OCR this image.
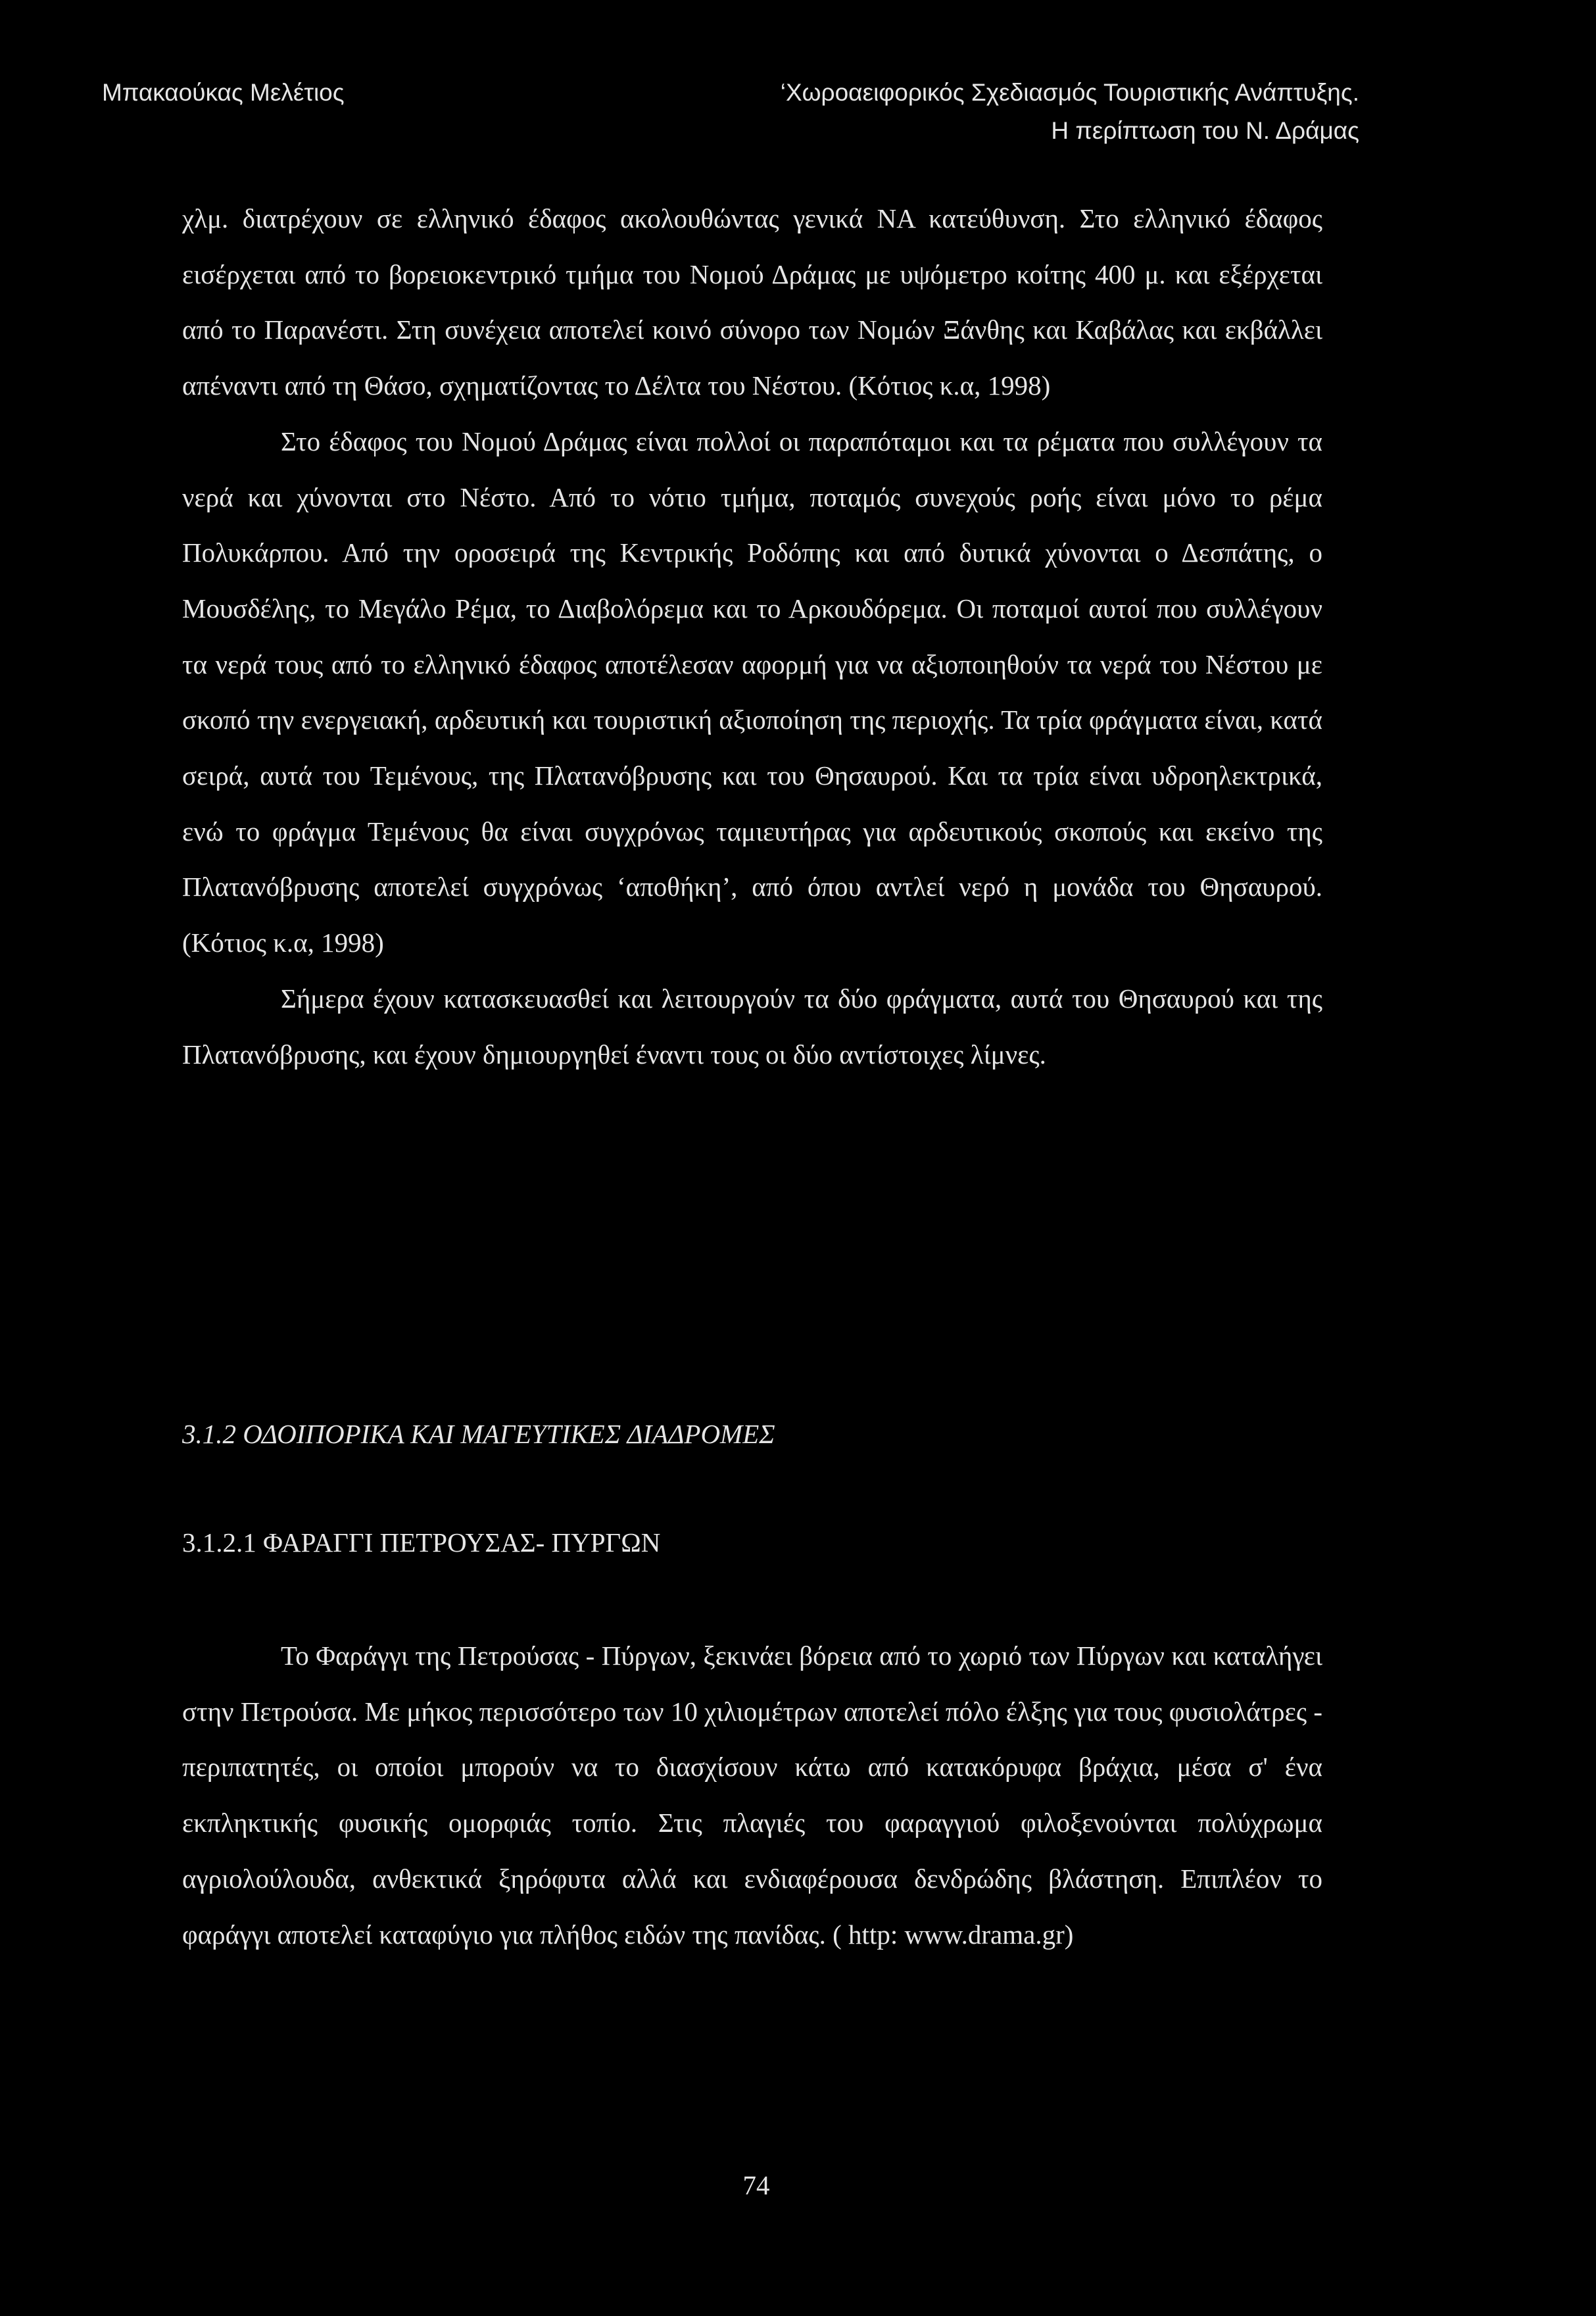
Μπακαούκας Μελέτιος	‘Χωροαειφορικός Σχεδιασμός Τουριστικής Ανάπτυξης.
Η περίπτωση του Ν. Δράμας

χλμ. διατρέχουν σε ελληνικό έδαφος ακολουθώντας γενικά ΝΑ κατεύθυνση. Στο ελληνικό έδαφος εισέρχεται από το βορειοκεντρικό τμήμα του Νομού Δράμας με υψόμετρο κοίτης 400 μ. και εξέρχεται από το Παρανέστι. Στη συνέχεια αποτελεί κοινό σύνορο των Νομών Ξάνθης και Καβάλας και εκβάλλει απέναντι από τη Θάσο, σχηματίζοντας το Δέλτα του Νέστου. (Κότιος κ.α, 1998)

Στο έδαφος του Νομού Δράμας είναι πολλοί οι παραπόταμοι και τα ρέματα που συλλέγουν τα νερά και χύνονται στο Νέστο. Από το νότιο τμήμα, ποταμός συνεχούς ροής είναι μόνο το ρέμα Πολυκάρπου. Από την οροσειρά της Κεντρικής Ροδόπης και από δυτικά χύνονται ο Δεσπάτης, ο Μουσδέλης, το Μεγάλο Ρέμα, το Διαβολόρεμα και το Αρκουδόρεμα. Οι ποταμοί αυτοί που συλλέγουν τα νερά τους από το ελληνικό έδαφος αποτέλεσαν αφορμή για να αξιοποιηθούν τα νερά του Νέστου με σκοπό την ενεργειακή, αρδευτική και τουριστική αξιοποίηση της περιοχής. Τα τρία φράγματα είναι, κατά σειρά, αυτά του Τεμένους, της Πλατανόβρυσης και του Θησαυρού. Και τα τρία είναι υδροηλεκτρικά, ενώ το φράγμα Τεμένους θα είναι συγχρόνως ταμιευτήρας για αρδευτικούς σκοπούς και εκείνο της Πλατανόβρυσης αποτελεί συγχρόνως ‘αποθήκη’, από όπου αντλεί νερό η μονάδα του Θησαυρού. (Κότιος κ.α, 1998)

Σήμερα έχουν κατασκευασθεί και λειτουργούν τα δύο φράγματα, αυτά του Θησαυρού και της Πλατανόβρυσης, και έχουν δημιουργηθεί έναντι τους οι δύο αντίστοιχες λίμνες.

3.1.2 ΟΔΟΙΠΟΡΙΚΑ ΚΑΙ ΜΑΓΕΥΤΙΚΕΣ ΔΙΑΔΡΟΜΕΣ

3.1.2.1 ΦΑΡΑΓΓΙ ΠΕΤΡΟΥΣΑΣ- ΠΥΡΓΩΝ

Το Φαράγγι της Πετρούσας - Πύργων, ξεκινάει βόρεια από το χωριό των Πύργων και καταλήγει στην Πετρούσα. Με μήκος περισσότερο των 10 χιλιομέτρων αποτελεί πόλο έλξης για τους φυσιολάτρες - περιπατητές, οι οποίοι μπορούν να το διασχίσουν κάτω από κατακόρυφα βράχια, μέσα σ' ένα εκπληκτικής φυσικής ομορφιάς τοπίο. Στις πλαγιές του φαραγγιού φιλοξενούνται πολύχρωμα αγριολούλουδα, ανθεκτικά ξηρόφυτα αλλά και ενδιαφέρουσα δενδρώδης βλάστηση. Επιπλέον το φαράγγι αποτελεί καταφύγιο για πλήθος ειδών της πανίδας. ( http: www.drama.gr)

74
